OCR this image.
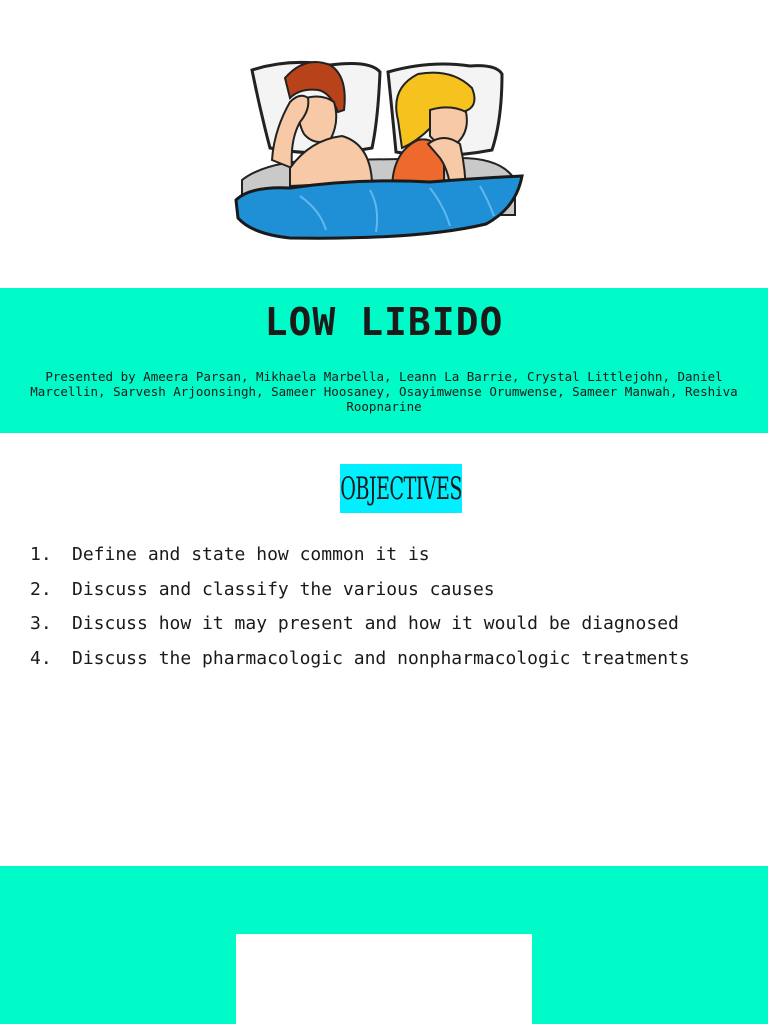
LOW LIBIDO
Presented by Ameera Parsan, Mikhaela Marbella, Leann La Barrie, Crystal Littlejohn, Daniel Marcellin, Sarvesh Arjoonsingh, Sameer Hoosaney, Osayimwense Orumwense, Sameer Manwah, Reshiva Roopnarine
OBJECTIVES
1. Define and state how common it is
2. Discuss and classify the various causes
3. Discuss how it may present and how it would be diagnosed
4. Discuss the pharmacologic and nonpharmacologic treatments
